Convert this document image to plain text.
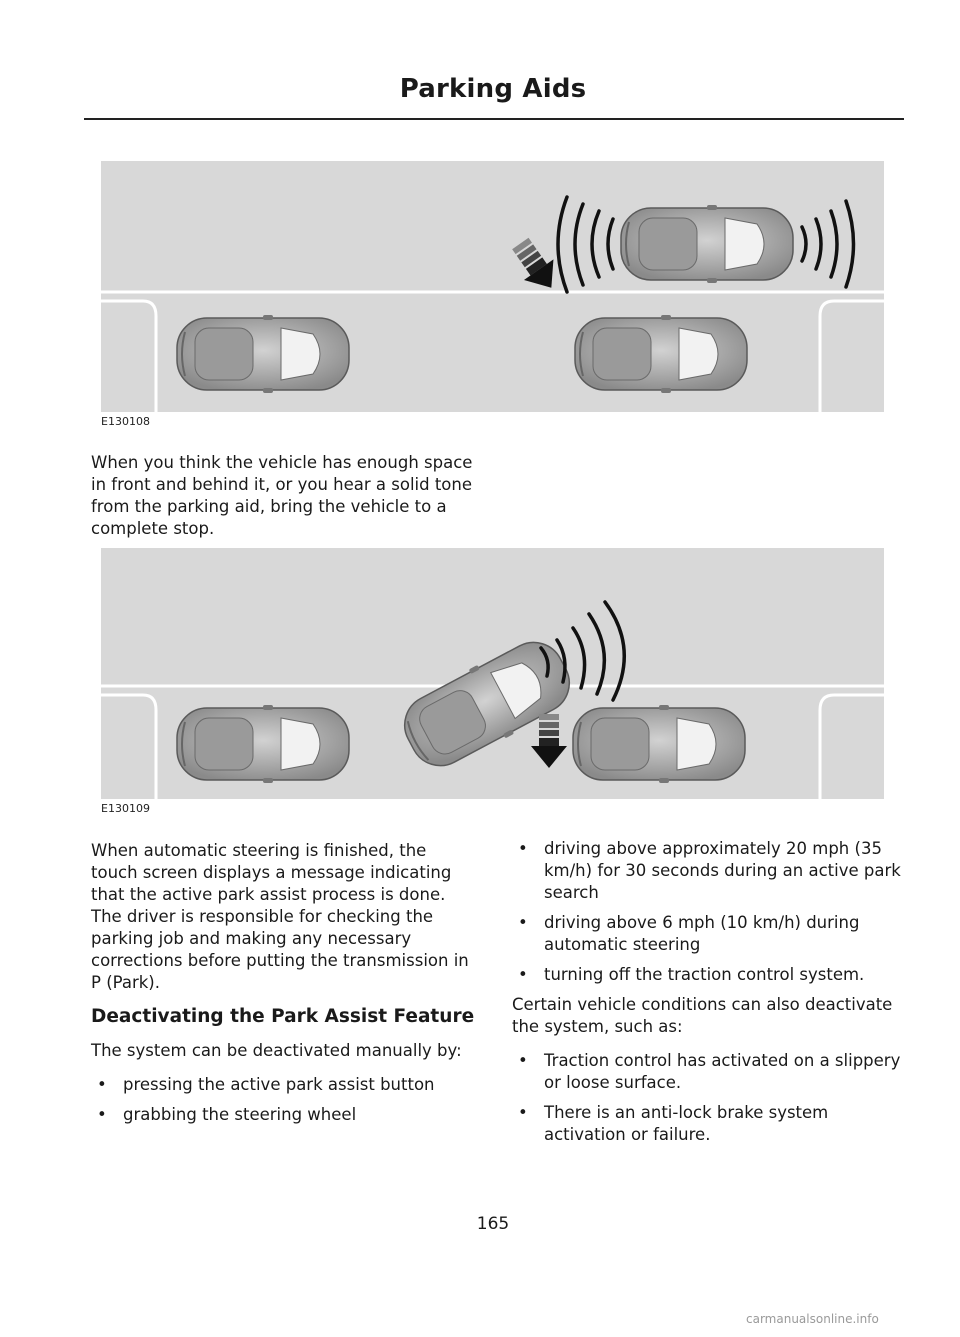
Parking Aids
E130108

When you think the vehicle has enough space in front and behind it, or you hear a solid tone from the parking aid, bring the vehicle to a complete stop.

E130109

When automatic steering is finished, the touch screen displays a message indicating that the active park assist process is done. The driver is responsible for checking the parking job and making any necessary corrections before putting the transmission in P (Park).

Deactivating the Park Assist Feature

The system can be deactivated manually by:

• pressing the active park assist button
• grabbing the steering wheel
• driving above approximately 20 mph (35 km/h) for 30 seconds during an active park search
• driving above 6 mph (10 km/h) during automatic steering
• turning off the traction control system.

Certain vehicle conditions can also deactivate the system, such as:

• Traction control has activated on a slippery or loose surface.
• There is an anti-lock brake system activation or failure.
165
carmanualsonline.info
